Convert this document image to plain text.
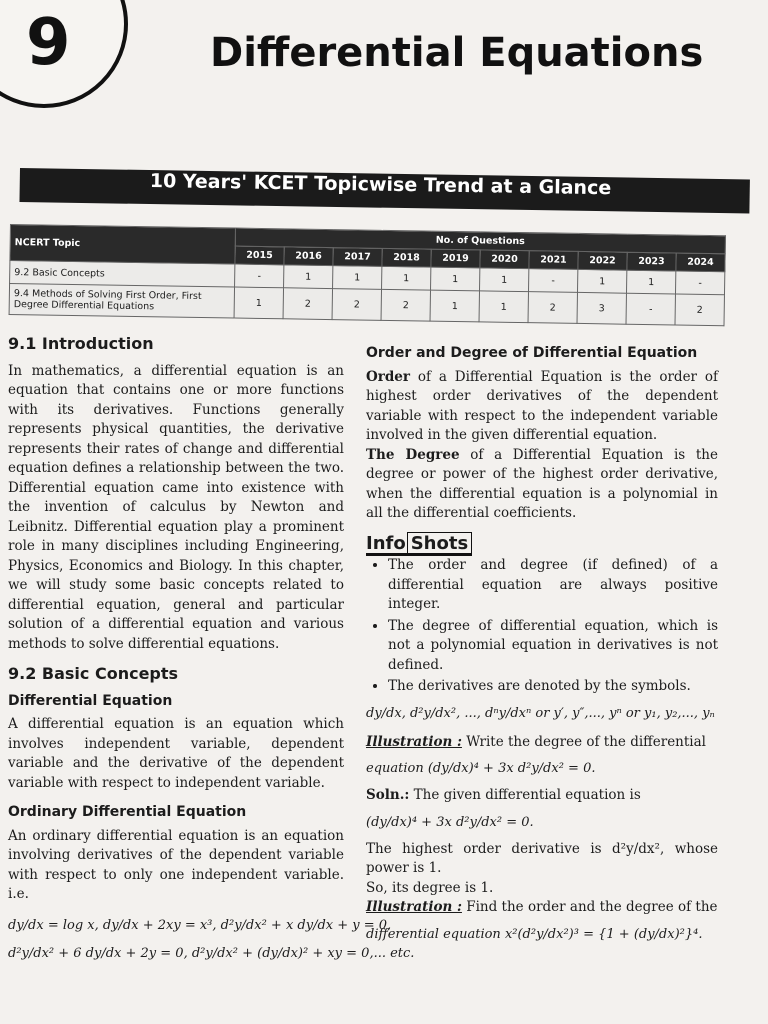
9	Differential Equations
10 Years' KCET Topicwise Trend at a Glance
NCERT Topic	No. of Questions									
	2015	2016	2017	2018	2019	2020	2021	2022	2023	2024
9.2 Basic Concepts	-	1	1	1	1	1	-	1	1	-
9.4 Methods of Solving First Order, First Degree Differential Equations	1	2	2	2	1	1	2	3	-	2
9.1 Introduction

In mathematics, a differential equation is an equation that contains one or more functions with its derivatives. Functions generally represents physical quantities, the derivative represents their rates of change and differential equation defines a relationship between the two. Differential equation came into existence with the invention of calculus by Newton and Leibnitz. Differential equation play a prominent role in many disciplines including Engineering, Physics, Economics and Biology. In this chapter, we will study some basic concepts related to differential equation, general and particular solution of a differential equation and various methods to solve differential equations.

9.2 Basic Concepts
Differential Equation

A differential equation is an equation which involves independent variable, dependent variable and the derivative of the dependent variable with respect to independent variable.

Ordinary Differential Equation

An ordinary differential equation is an equation involving derivatives of the dependent variable with respect to only one independent variable. i.e.

dy/dx = log x, dy/dx + 2xy = x³, d²y/dx² + x dy/dx + y = 0,
d²y/dx² + 6 dy/dx + 2y = 0, d²y/dx² + (dy/dx)² + xy = 0,... etc.
Order and Degree of Differential Equation
Order of a Differential Equation is the order of highest order derivatives of the dependent variable with respect to the independent variable involved in the given differential equation.

The Degree of a Differential Equation is the degree or power of the highest order derivative, when the differential equation is a polynomial in all the differential coefficients.

Info Shots
• The order and degree (if defined) of a differential equation are always positive integer.
• The degree of differential equation, which is not a polynomial equation in derivatives is not defined.
• The derivatives are denoted by the symbols.
dy/dx, d²y/dx², ..., dⁿy/dxⁿ or y′, y″,..., yⁿ or y₁, y₂,..., yₙ
Illustration : Write the degree of the differential
equation (dy/dx)⁴ + 3x d²y/dx² = 0.
Soln.: The given differential equation is
(dy/dx)⁴ + 3x d²y/dx² = 0.
The highest order derivative is d²y/dx², whose power is 1.
So, its degree is 1.
Illustration : Find the order and the degree of the
differential equation x²(d²y/dx²)³ = {1 + (dy/dx)²}⁴.
